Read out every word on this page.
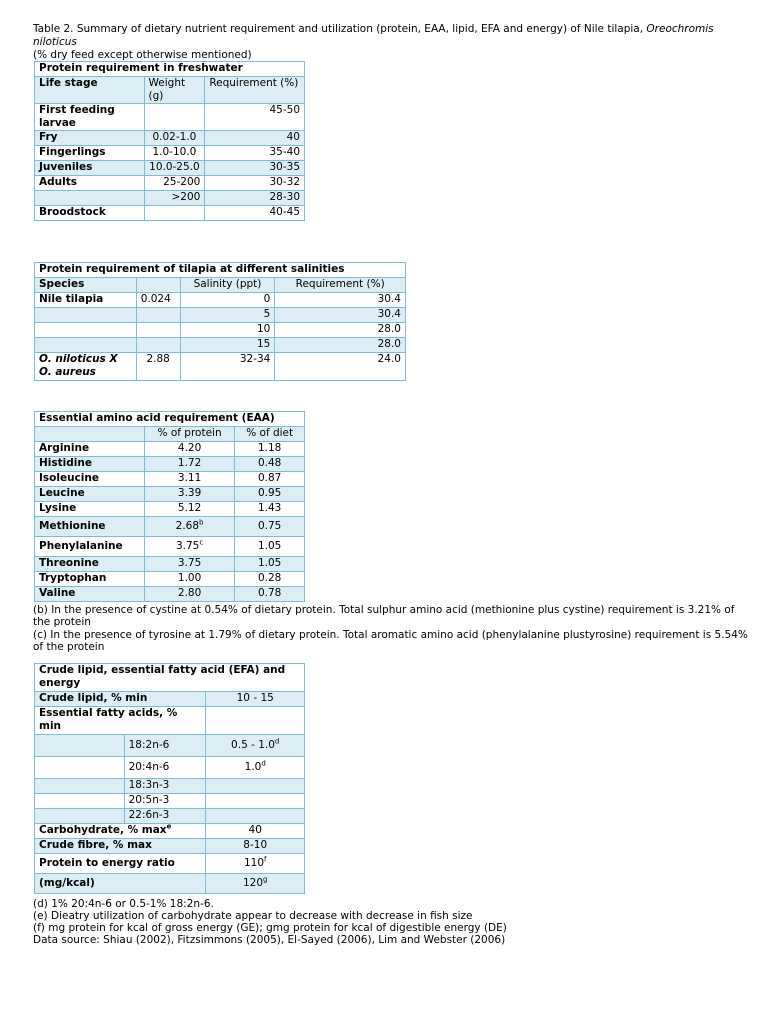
Table 2. Summary of dietary nutrient requirement and utilization (protein, EAA, lipid, EFA and energy) of Nile tilapia, Oreochromis niloticus
(% dry feed except otherwise mentioned)
Protein requirement in freshwater		
Life stage	Weight (g)	Requirement (%)
First feeding larvae		45-50
Fry	0.02-1.0	40
Fingerlings	1.0-10.0	35-40
Juveniles	10.0-25.0	30-35
Adults	25-200	30-32
	>200	28-30
Broodstock		40-45
Protein requirement of tilapia at different salinities			
Species		Salinity (ppt)	Requirement (%)
Nile tilapia	0.024	0	30.4
		5	30.4
		10	28.0
		15	28.0
O. niloticus X O. aureus	2.88	32-34	24.0
Essential amino acid requirement (EAA)		
	% of protein	% of diet
Arginine	4.20	1.18
Histidine	1.72	0.48
Isoleucine	3.11	0.87
Leucine	3.39	0.95
Lysine	5.12	1.43
Methionine	2.68$^b$	0.75
Phenylalanine	3.75$^c$	1.05
Threonine	3.75	1.05
Tryptophan	1.00	0.28
Valine	2.80	0.78
(b) In the presence of cystine at 0.54% of dietary protein. Total sulphur amino acid (methionine plus cystine) requirement is 3.21% of the protein
(c) In the presence of tyrosine at 1.79% of dietary protein. Total aromatic amino acid (phenylalanine plustyrosine) requirement is 5.54% of the protein
Crude lipid, essential fatty acid (EFA) and energy		
Crude lipid, % min		10 - 15
Essential fatty acids, % min		
	18:2n-6	0.5 - 1.0$^d$
	20:4n-6	1.0$^d$
	18:3n-3	
	20:5n-3	
	22:6n-3	
Carbohydrate, % $\max^e$		40
Crude fibre, % max		8-10
Protein to energy ratio		110$^f$
(mg/kcal)		120$^g$
(d) 1% 20:4n-6 or 0.5-1% 18:2n-6.
(e) Dieatry utilization of carbohydrate appear to decrease with decrease in fish size
(f) mg protein for kcal of gross energy (GE); gmg protein for kcal of digestible energy (DE)
Data source: Shiau (2002), Fitzsimmons (2005), El-Sayed (2006), Lim and Webster (2006)
